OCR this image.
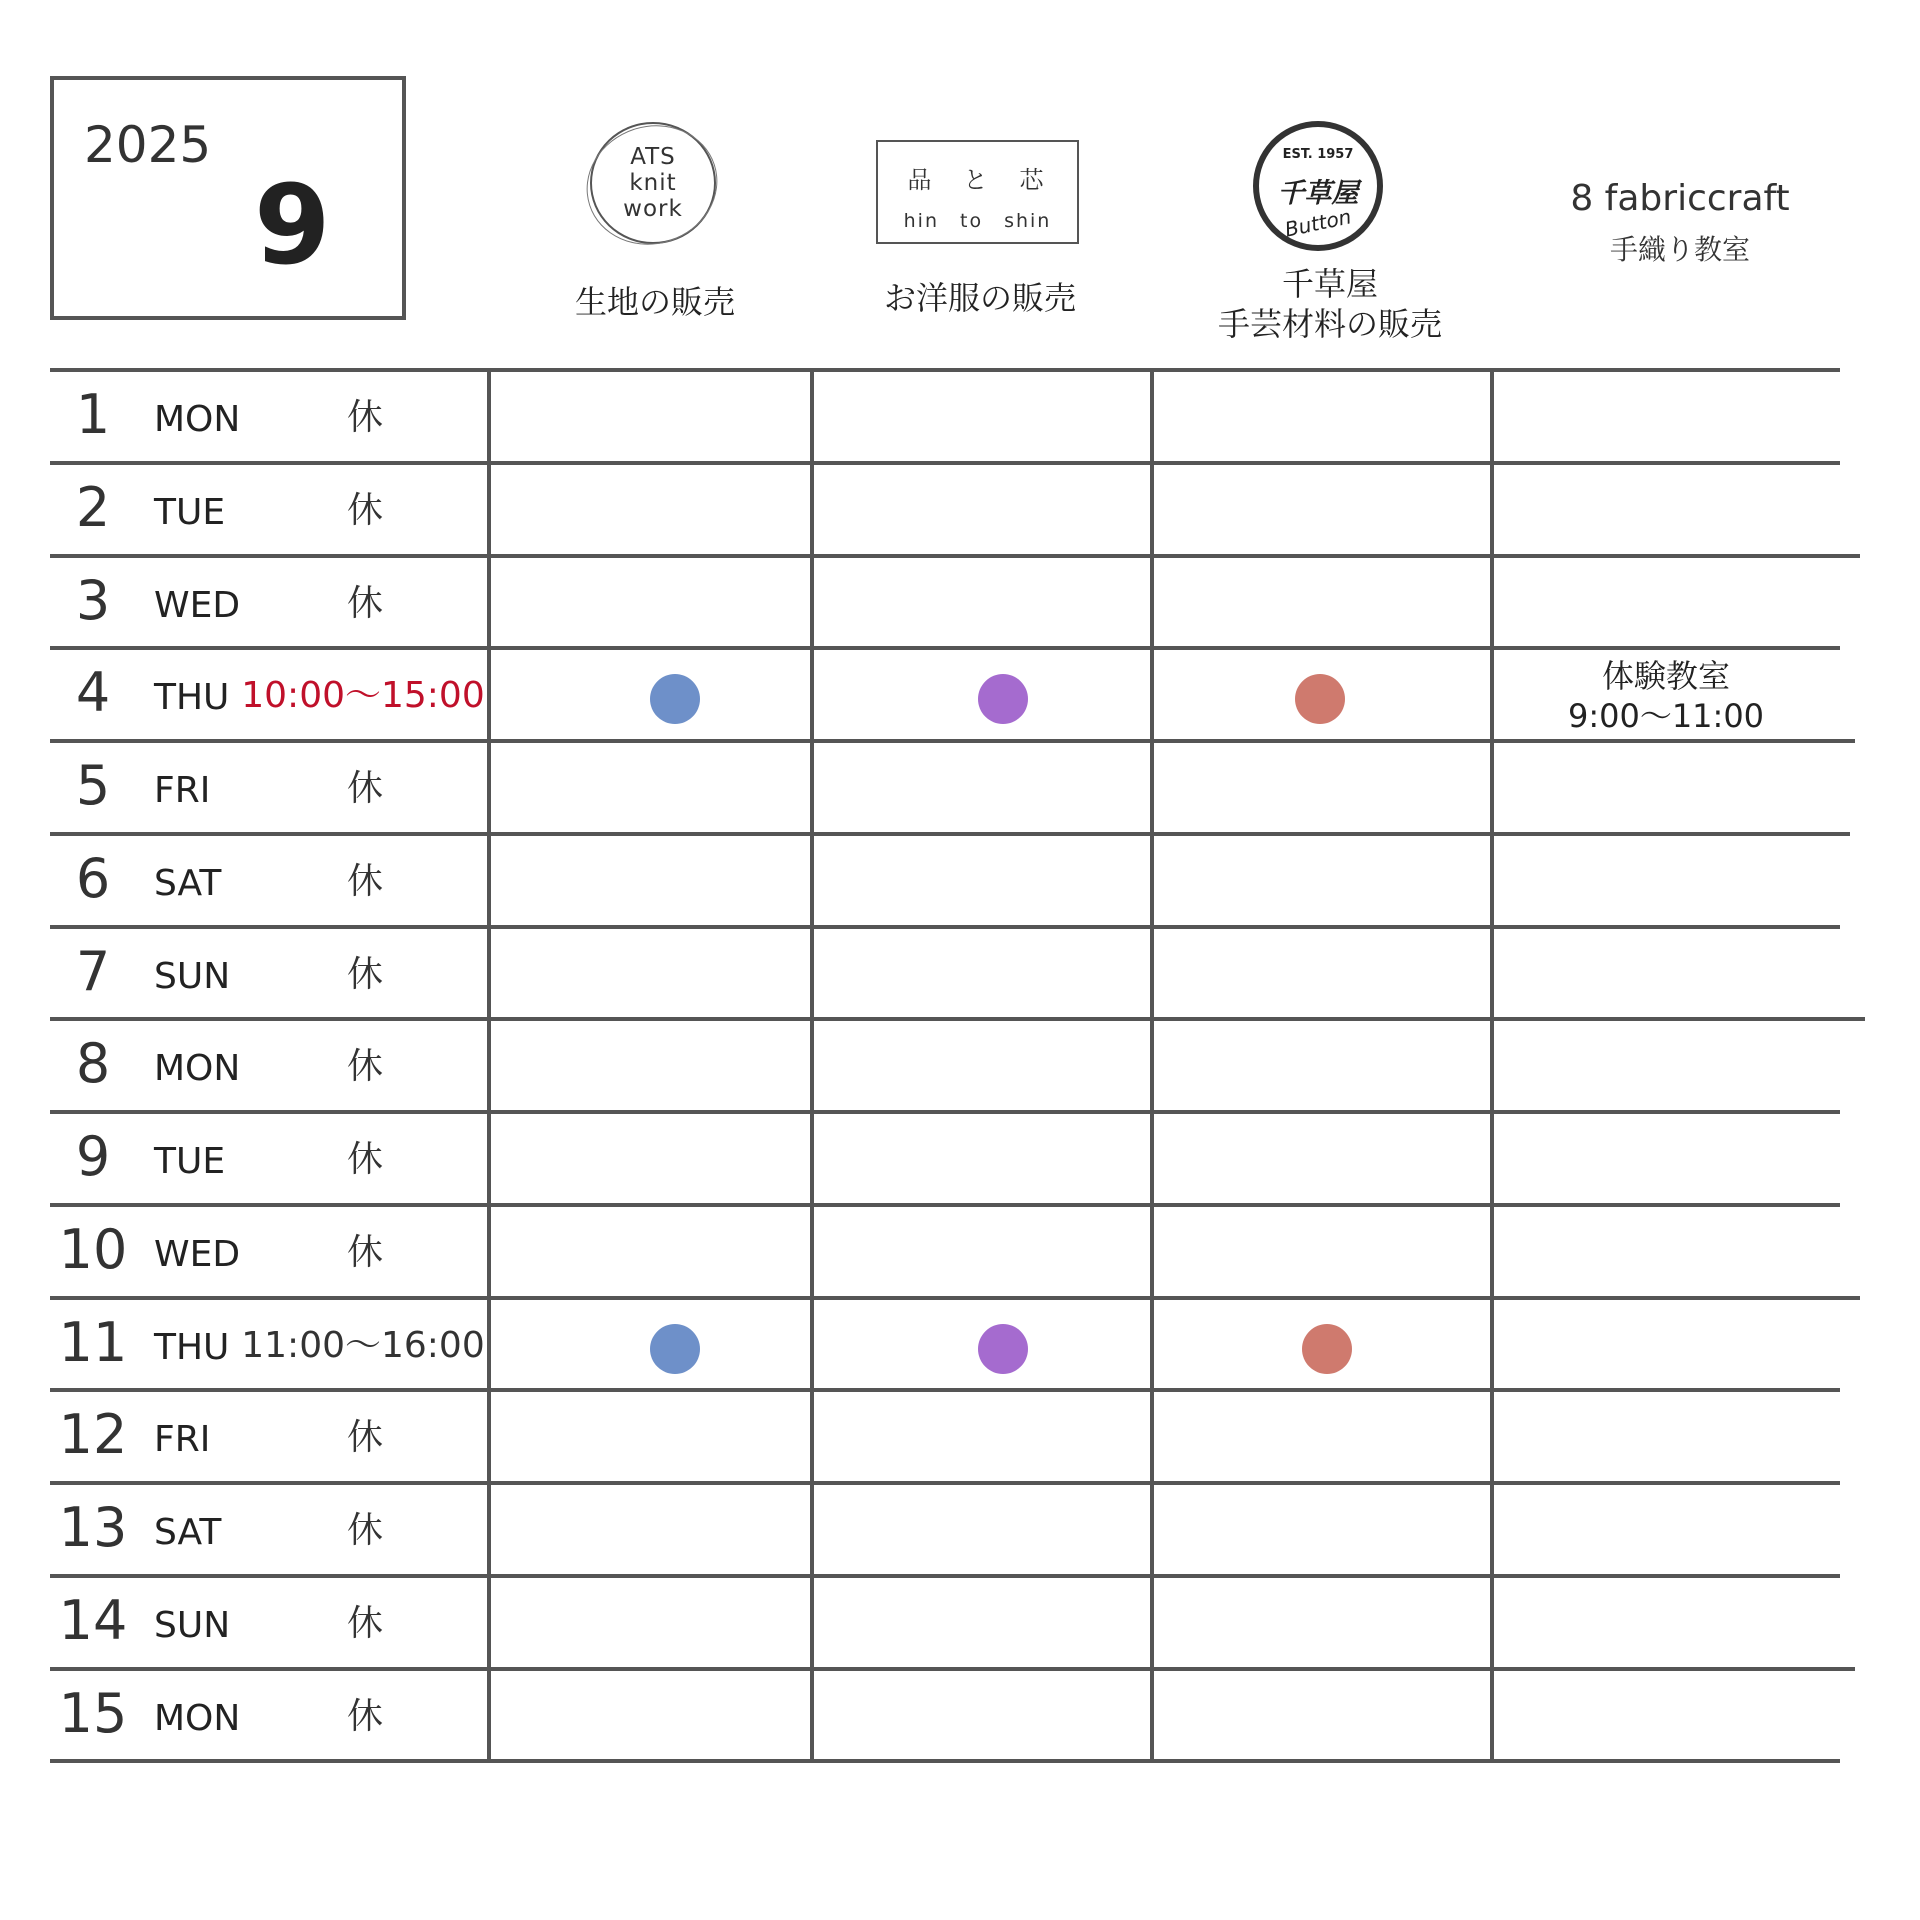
2025
9
ATS
knit
work
生地の販売
品　と　芯
hin　to　shin
お洋服の販売
EST. 1957
千草屋
Button
千草屋
手芸材料の販売
8 fabriccraft
手織り教室
1	MON	休
2	TUE	休
3	WED	休
4	THU 10:00〜15:00	体験教室
9:00〜11:00
5	FRI	休
6	SAT	休
7	SUN	休
8	MON	休
9	TUE	休
10 WED	休
11 THU 11:00〜16:00
12 FRI	休
13 SAT	休
14 SUN	休
15 MON	休
